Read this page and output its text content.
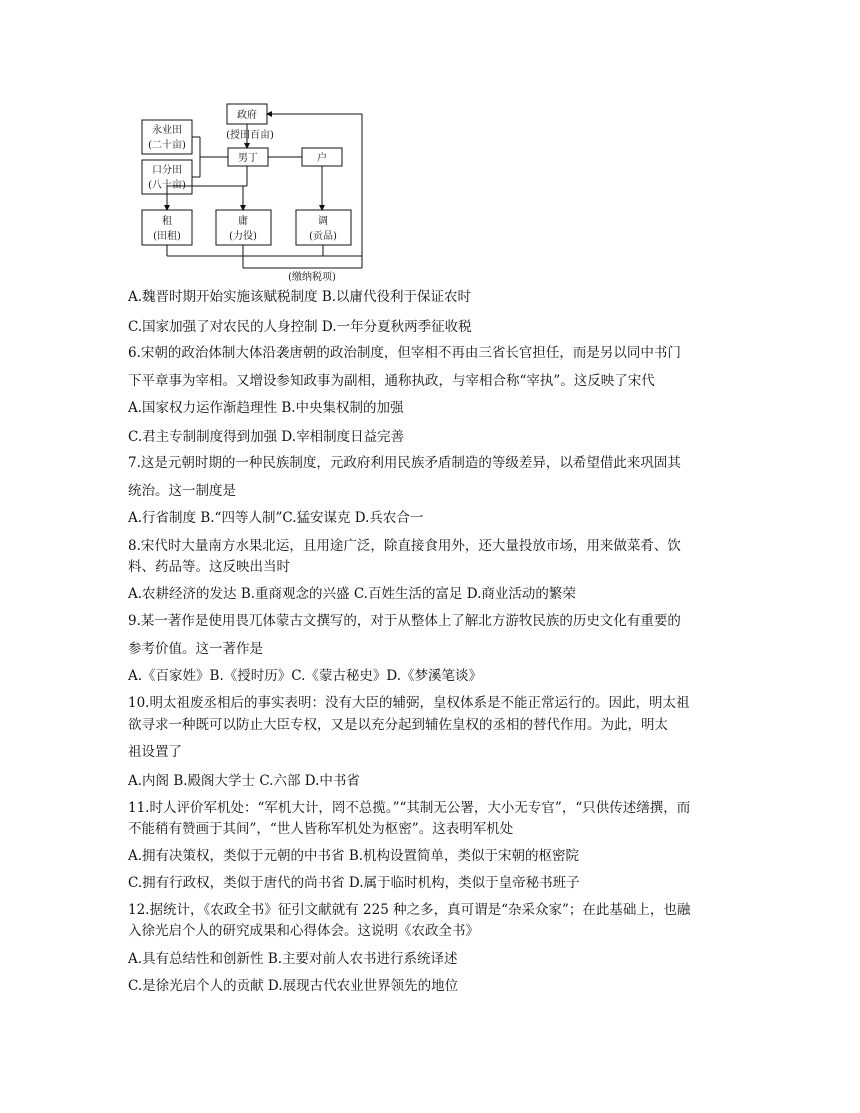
政府
(授田百亩)
永业田
(二十亩)
口分田
(八十亩)
男丁	户
租
(田租)
庸
(力役)
调
(贡品)
(缴纳税项)
A.魏晋时期开始实施该赋税制度 B.以庸代役利于保证农时
C.国家加强了对农民的人身控制 D.一年分夏秋两季征收税
6.宋朝的政治体制大体沿袭唐朝的政治制度，但宰相不再由三省长官担任，而是另以同中书门
下平章事为宰相。又增设参知政事为副相，通称执政，与宰相合称“宰执”。这反映了宋代
A.国家权力运作渐趋理性 B.中央集权制的加强
C.君主专制制度得到加强 D.宰相制度日益完善
7.这是元朝时期的一种民族制度，元政府利用民族矛盾制造的等级差异，以希望借此来巩固其
统治。这一制度是
A.行省制度 B.“四等人制”C.猛安谋克 D.兵农合一
8.宋代时大量南方水果北运，且用途广泛，除直接食用外，还大量投放市场，用来做菜肴、饮
料、药品等。这反映出当时
A.农耕经济的发达 B.重商观念的兴盛 C.百姓生活的富足 D.商业活动的繁荣
9.某一著作是使用畏兀体蒙古文撰写的，对于从整体上了解北方游牧民族的历史文化有重要的
参考价值。这一著作是
A.《百家姓》B.《授时历》C.《蒙古秘史》D.《梦溪笔谈》
10.明太祖废丞相后的事实表明：没有大臣的辅弼，皇权体系是不能正常运行的。因此，明太祖
欲寻求一种既可以防止大臣专权，又是以充分起到辅佐皇权的丞相的替代作用。为此，明太
祖设置了
A.内阁 B.殿阁大学士 C.六部 D.中书省
11.时人评价军机处：“军机大计，罔不总揽。”“其制无公署，大小无专官”，“只供传述缮撰，而
不能稍有赞画于其间”，“世人皆称军机处为枢密”。这表明军机处
A.拥有决策权，类似于元朝的中书省 B.机构设置简单，类似于宋朝的枢密院
C.拥有行政权，类似于唐代的尚书省 D.属于临时机构，类似于皇帝秘书班子
12.据统计，《农政全书》征引文献就有 225 种之多，真可谓是“杂采众家”；在此基础上，也融
入徐光启个人的研究成果和心得体会。这说明《农政全书》
A.具有总结性和创新性 B.主要对前人农书进行系统译述
C.是徐光启个人的贡献 D.展现古代农业世界领先的地位
